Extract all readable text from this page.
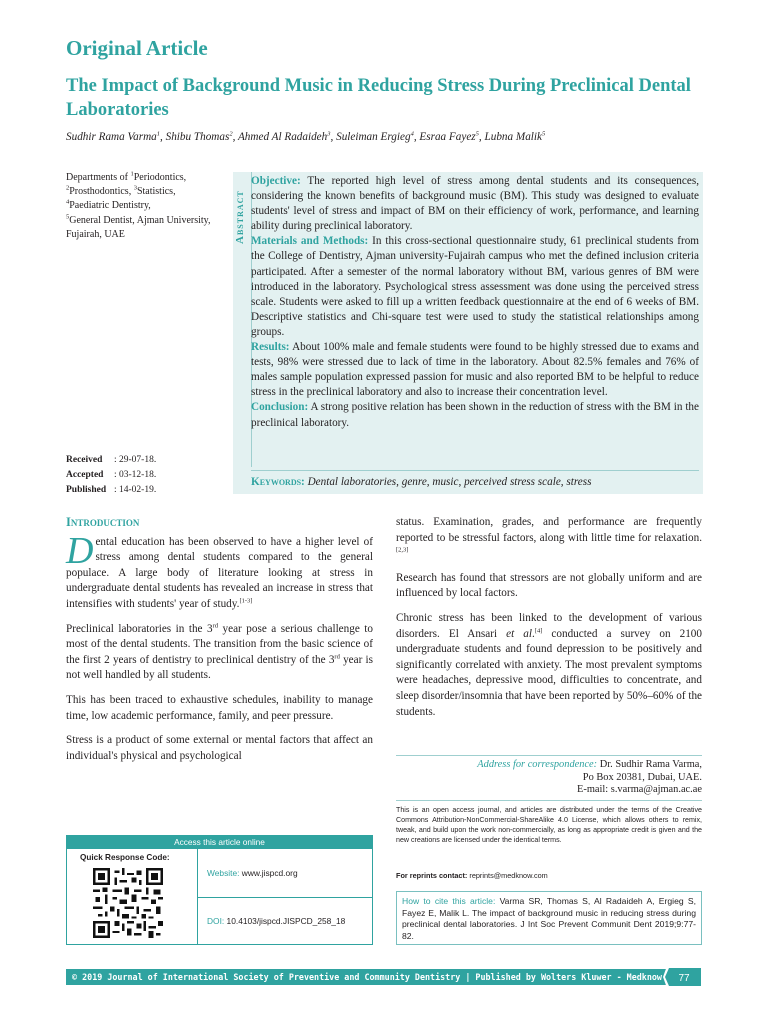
Original Article
The Impact of Background Music in Reducing Stress During Preclinical Dental Laboratories
Sudhir Rama Varma$^1$, Shibu Thomas$^2$, Ahmed Al Radaideh$^3$, Suleiman Ergieg$^4$, Esraa Fayez$^5$, Lubna Malik$^5$
Departments of $^1$Periodontics,
$^2$Prosthodontics, $^3$Statistics,
$^4$Paediatric Dentistry,
$^5$General Dentist, Ajman University, Fujairah, UAE
Received : 29-07-18.
Accepted : 03-12-18.
Published : 14-02-19.
Abstract

Objective: The reported high level of stress among dental students and its consequences, considering the known benefits of background music (BM). This study was designed to evaluate students' level of stress and impact of BM on their efficiency of work, performance, and learning ability during preclinical laboratory.

Materials and Methods: In this cross-sectional questionnaire study, 61 preclinical students from the College of Dentistry, Ajman university-Fujairah campus who met the defined inclusion criteria participated. After a semester of the normal laboratory without BM, various genres of BM were introduced in the laboratory. Psychological stress assessment was done using the perceived stress scale. Students were asked to fill up a written feedback questionnaire at the end of 6 weeks of BM. Descriptive statistics and Chi-square test were used to study the statistical relationships among groups.

Results: About 100% male and female students were found to be highly stressed due to exams and tests, 98% were stressed due to lack of time in the laboratory. About 82.5% females and 76% of males sample population expressed passion for music and also reported BM to be helpful to reduce stress in the preclinical laboratory and also to increase their concentration level.

Conclusion: A strong positive relation has been shown in the reduction of stress with the BM in the preclinical laboratory.

Keywords: Dental laboratories, genre, music, perceived stress scale, stress
Introduction

Dental education has been observed to have a higher level of stress among dental students compared to the general populace. A large body of literature looking at stress in undergraduate dental students has revealed an increase in stress that intensifies with students' year of study.[1-3]

Preclinical laboratories in the 3rd year pose a serious challenge to most of the dental students. The transition from the basic science of the first 2 years of dentistry to preclinical dentistry of the 3rd year is not well handled by all students.

This has been traced to exhaustive schedules, inability to manage time, low academic performance, family, and peer pressure.

Stress is a product of some external or mental factors that affect an individual's physical and psychological

status. Examination, grades, and performance are frequently reported to be stressful factors, along with little time for relaxation.[2,3]

Research has found that stressors are not globally uniform and are influenced by local factors.

Chronic stress has been linked to the development of various disorders. El Ansari et al.[4] conducted a survey on 2100 undergraduate students and found depression to be positively and significantly correlated with anxiety. The most prevalent symptoms were headaches, depressive mood, difficulties to concentrate, and sleep disorder/insomnia that have been reported by 50%–60% of the students.

Address for correspondence: Dr. Sudhir Rama Varma,
Po Box 20381, Dubai, UAE.
E-mail: s.varma@ajman.ac.ae
This is an open access journal, and articles are distributed under the terms of the Creative Commons Attribution-NonCommercial-ShareAlike 4.0 License, which allows others to remix, tweak, and build upon the work non-commercially, as long as appropriate credit is given and the new creations are licensed under the identical terms.
For reprints contact: reprints@medknow.com
How to cite this article: Varma SR, Thomas S, Al Radaideh A, Ergieg S, Fayez E, Malik L. The impact of background music in reducing stress during preclinical dental laboratories. J Int Soc Prevent Communit Dent 2019;9:77-82.
Access this article online
Quick Response Code:
Website: www.jispcd.org
DOI: 10.4103/jispcd.JISPCD_258_18
© 2019 Journal of International Society of Preventive and Community Dentistry | Published by Wolters Kluwer - Medknow	77
